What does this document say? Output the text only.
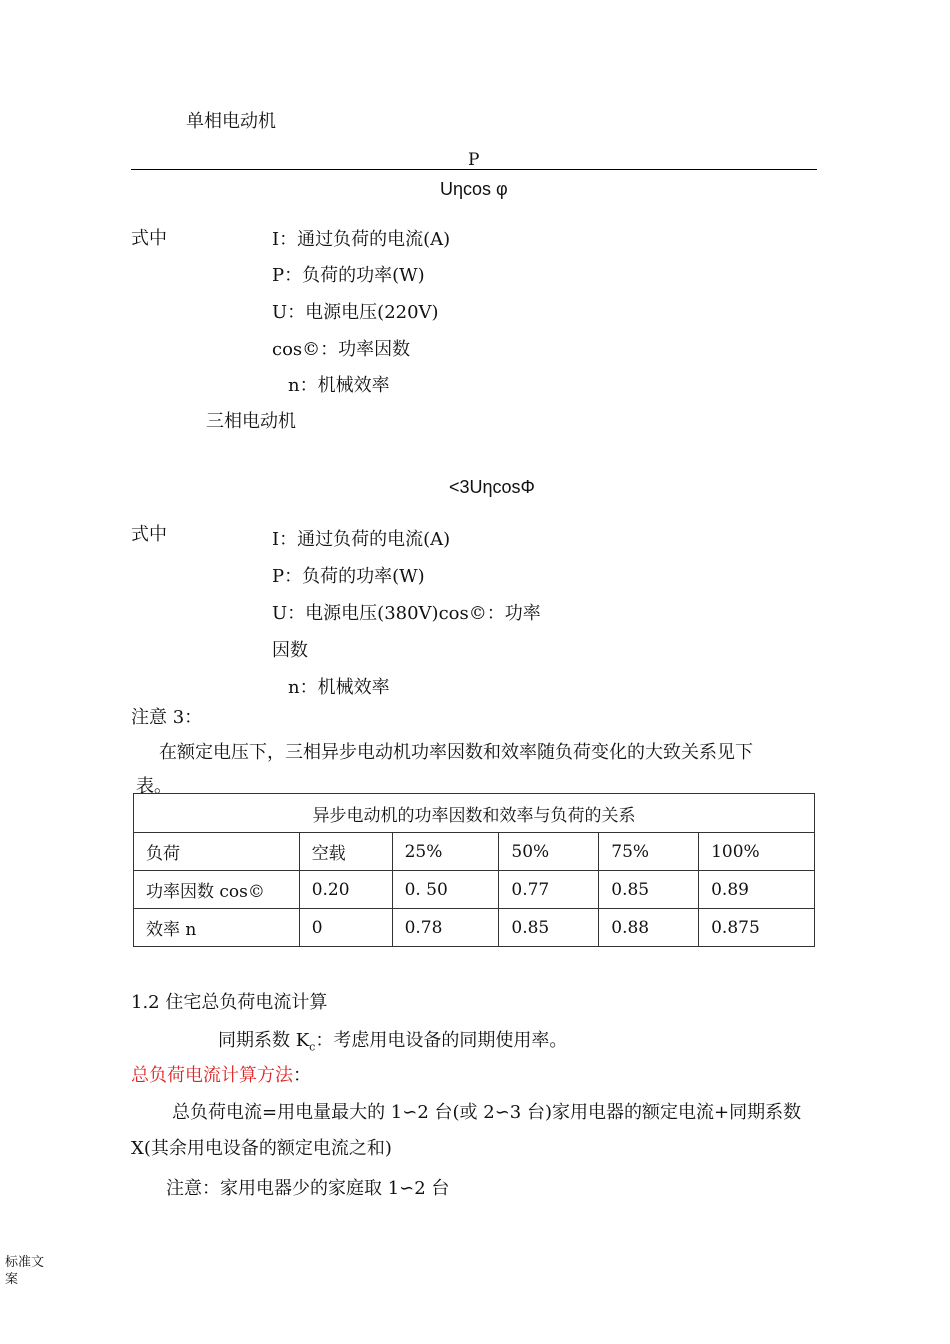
单相电动机
P
Uηcos φ
式中	I：通过负荷的电流(A)
P：负荷的功率(W)
U：电源电压(220V)
cos©：功率因数
n：机械效率
三相电动机
<3UηcosΦ
式中	I：通过负荷的电流(A)
P：负荷的功率(W)
U：电源电压(380V)cos©：功率
因数
n：机械效率
注意 3：
在额定电压下，三相异步电动机功率因数和效率随负荷变化的大致关系见下
表。
异步电动机的功率因数和效率与负荷的关系					
负荷	空载	25%	50%	75%	100%
功率因数 cos©	0.20	0. 50	0.77	0.85	0.89
效率 n	0	0.78	0.85	0.88	0.875
1.2 住宅总负荷电流计算
同期系数 $K_c$：考虑用电设备的同期使用率。
总负荷电流计算方法：
总负荷电流=用电量最大的 1∽2 台(或 2∽3 台)家用电器的额定电流+同期系数
X(其余用电设备的额定电流之和)
注意：家用电器少的家庭取 1∽2 台
标准文案
